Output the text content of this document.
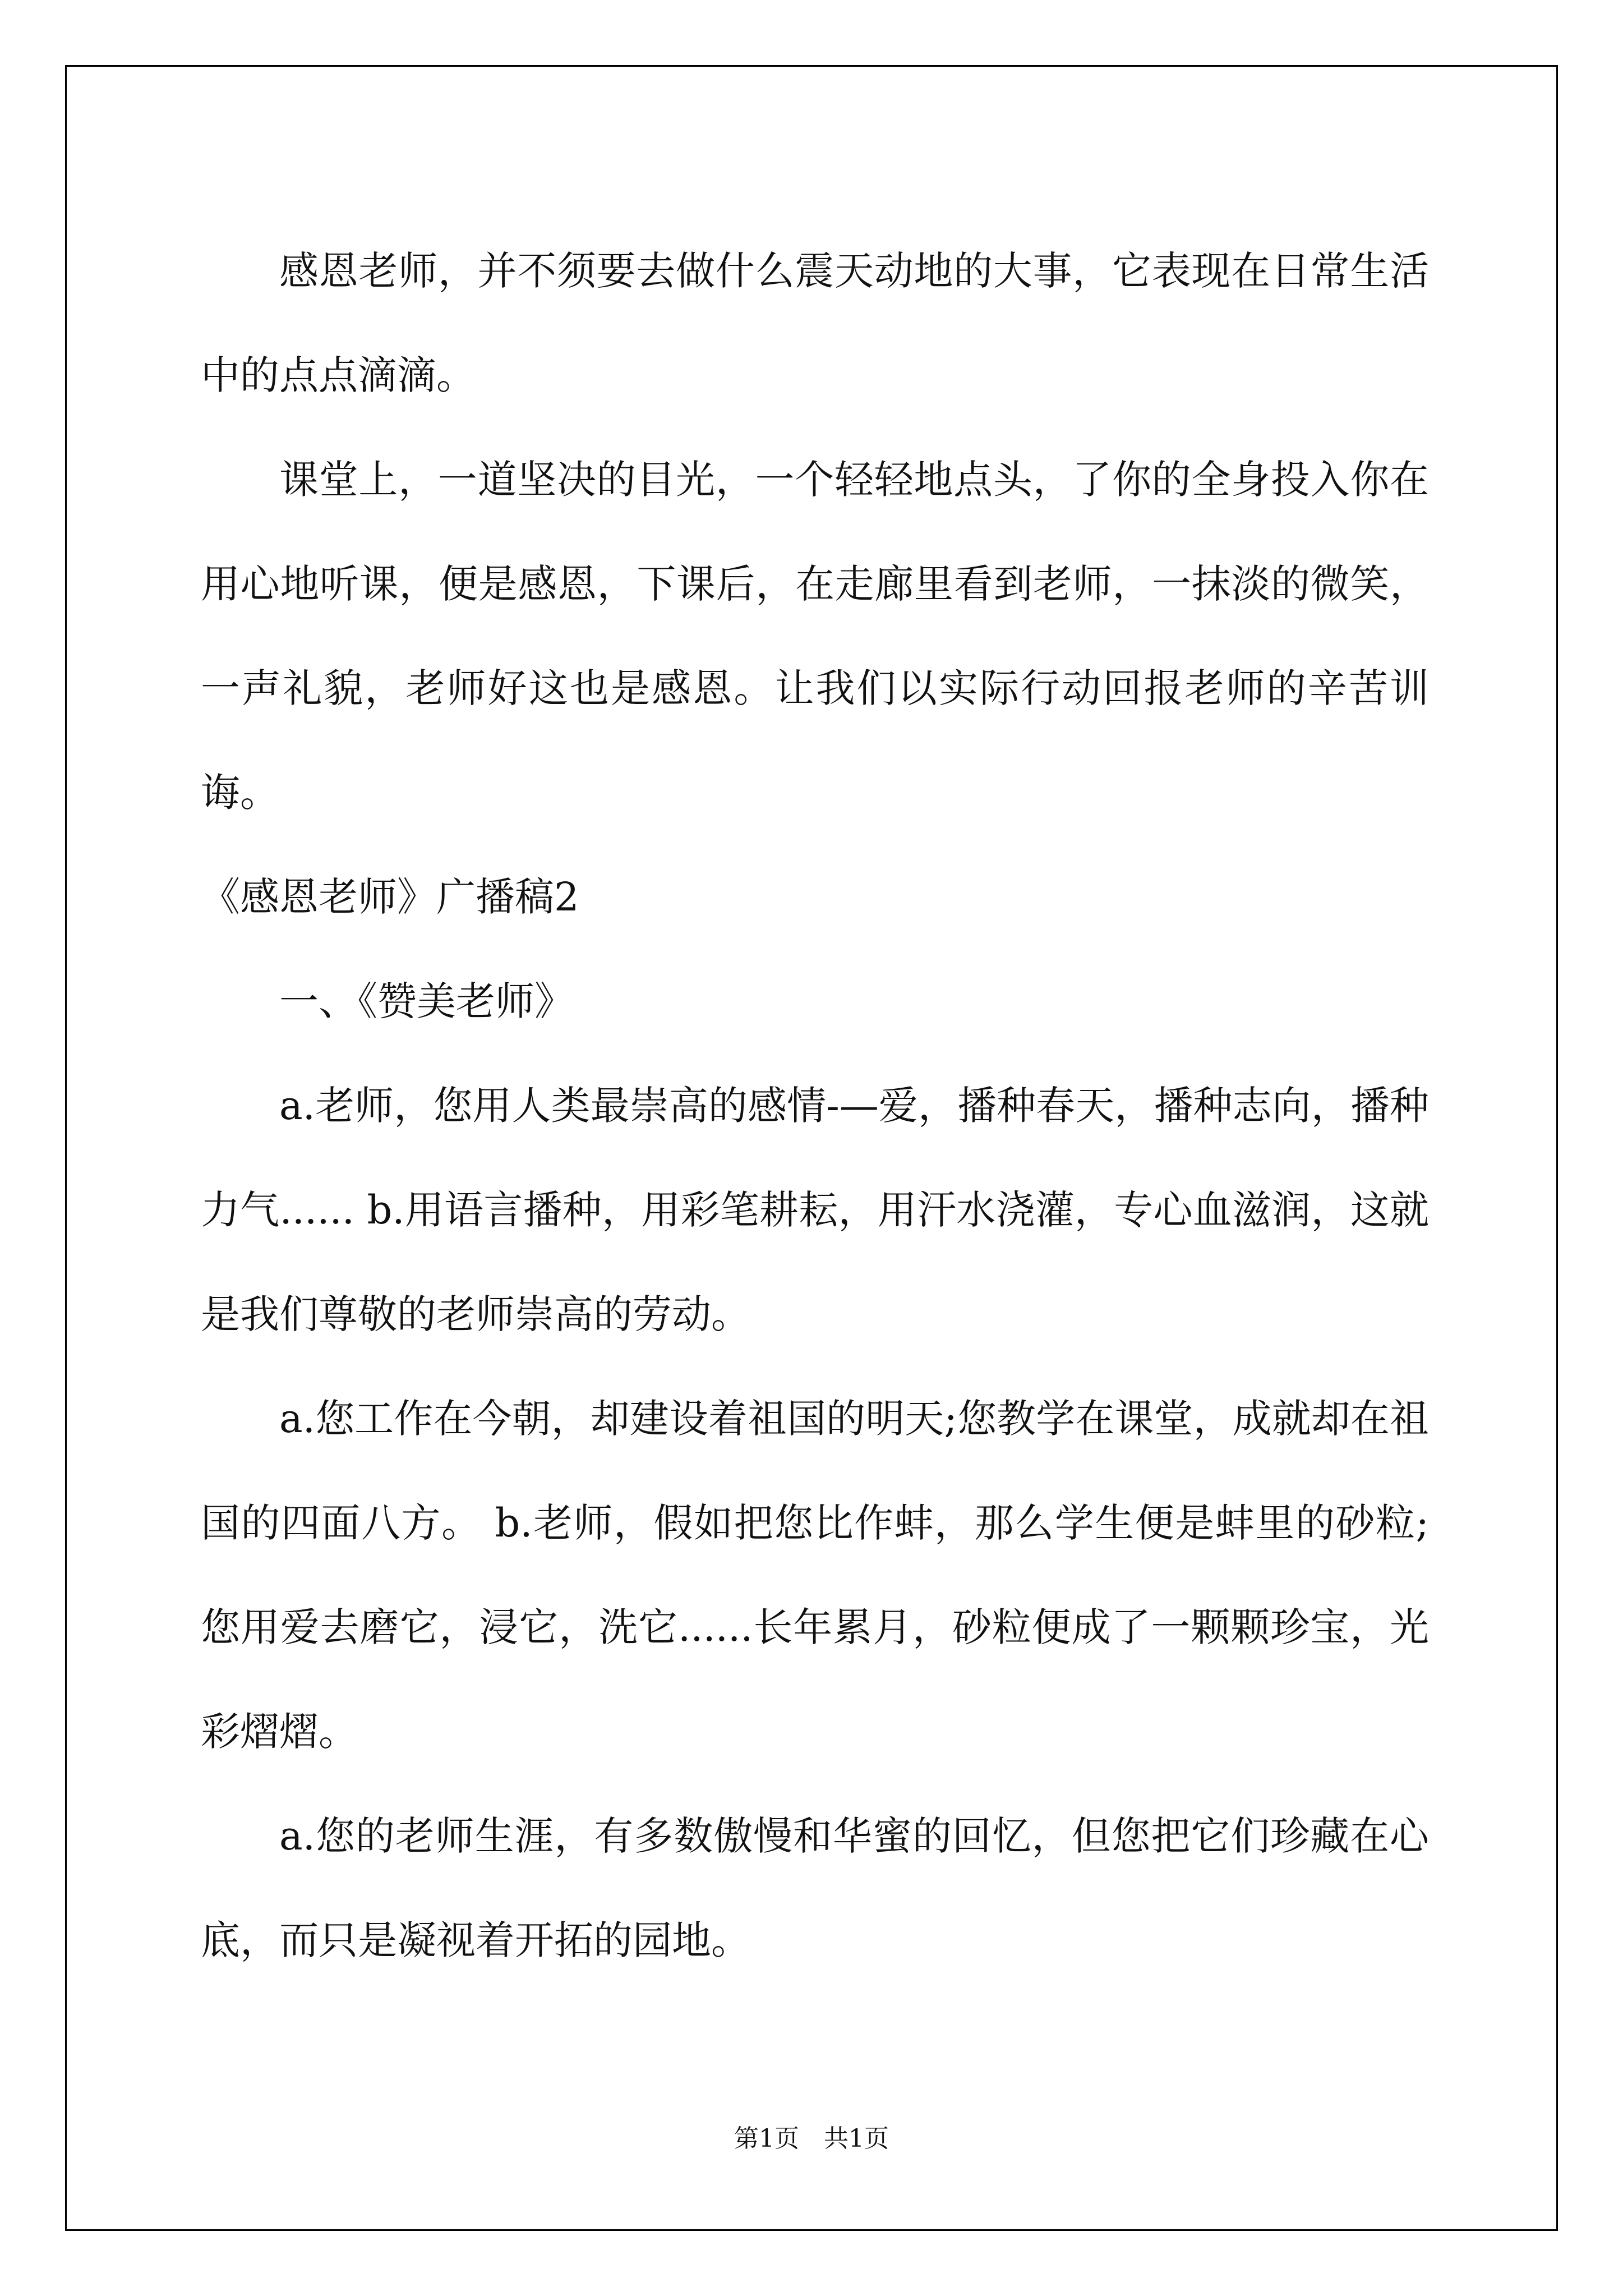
感恩老师，并不须要去做什么震天动地的大事，它表现在日常生活中的点点滴滴。

课堂上，一道坚决的目光，一个轻轻地点头，了你的全身投入你在用心地听课，便是感恩，下课后，在走廊里看到老师，一抹淡的微笑，一声礼貌，老师好这也是感恩。让我们以实际行动回报老师的辛苦训诲。

《感恩老师》广播稿2

一、《赞美老师》

a.老师，您用人类最崇高的感情-—爱，播种春天，播种志向，播种力气...... b.用语言播种，用彩笔耕耘，用汗水浇灌，专心血滋润，这就是我们尊敬的老师崇高的劳动。

a.您工作在今朝，却建设着祖国的明天;您教学在课堂，成就却在祖国的四面八方。 b.老师，假如把您比作蚌，那么学生便是蚌里的砂粒;您用爱去磨它，浸它，洗它......长年累月，砂粒便成了一颗颗珍宝，光彩熠熠。

a.您的老师生涯，有多数傲慢和华蜜的回忆，但您把它们珍藏在心底，而只是凝视着开拓的园地。

第1页　共1页
